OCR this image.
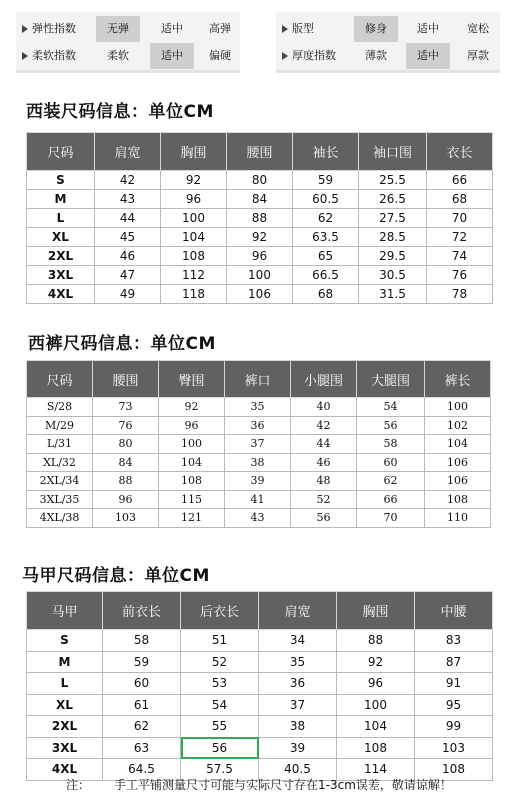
弹性指数	无弹	适中	高弹
柔软指数	柔软	适中	偏硬
版型	修身	适中	宽松
厚度指数	薄款	适中	厚款
西装尺码信息：单位CM
尺码	肩宽	胸围	腰围	袖长	袖口围	衣长
S	42	92	80	59	25.5	66
M	43	96	84	60.5	26.5	68
L	44	100	88	62	27.5	70
XL	45	104	92	63.5	28.5	72
2XL	46	108	96	65	29.5	74
3XL	47	112	100	66.5	30.5	76
4XL	49	118	106	68	31.5	78
西裤尺码信息：单位CM
尺码	腰围	臀围	裤口	小腿围	大腿围	裤长
S/28	73	92	35	40	54	100
M/29	76	96	36	42	56	102
L/31	80	100	37	44	58	104
XL/32	84	104	38	46	60	106
2XL/34	88	108	39	48	62	106
3XL/35	96	115	41	52	66	108
4XL/38	103	121	43	56	70	110
马甲尺码信息：单位CM
马甲	前衣长	后衣长	肩宽	胸围	中腰
S	58	51	34	88	83
M	59	52	35	92	87
L	60	53	36	96	91
XL	61	54	37	100	95
2XL	62	55	38	104	99
3XL	63	56	39	108	103
4XL	64.5	57.5	40.5	114	108
注： 手工平铺测量尺寸可能与实际尺寸存在1-3cm误差，敬请谅解！
